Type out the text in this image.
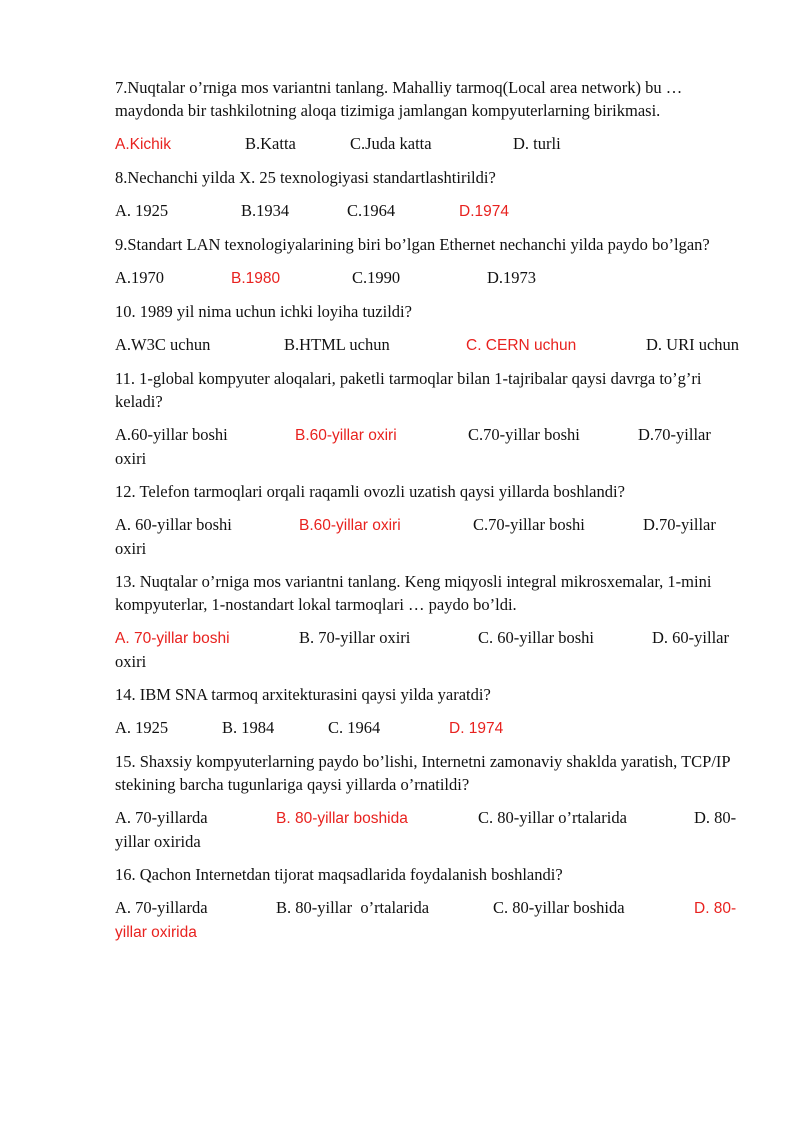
7.Nuqtalar o’rniga mos variantni tanlang. Mahalliy tarmoq(Local area network) bu … maydonda bir tashkilotning aloqa tizimiga jamlangan kompyuterlarning birikmasi.
A.Kichik	B.Katta	C.Juda katta	D. turli
8.Nechanchi yilda X. 25 texnologiyasi standartlashtirildi?
A. 1925	B.1934	C.1964	D.1974
9.Standart LAN texnologiyalarining biri bo’lgan Ethernet nechanchi yilda paydo bo’lgan?
A.1970	B.1980	C.1990	D.1973
10. 1989 yil nima uchun ichki loyiha tuzildi?
A.W3C uchun	B.HTML uchun	C. CERN uchun	D. URI uchun
11. 1-global kompyuter aloqalari, paketli tarmoqlar bilan 1-tajribalar qaysi davrga to’g’ri keladi?
A.60-yillar boshi	B.60-yillar oxiri	C.70-yillar boshi	D.70-yillar oxiri
12. Telefon tarmoqlari orqali raqamli ovozli uzatish qaysi yillarda boshlandi?
A. 60-yillar boshi	B.60-yillar oxiri	C.70-yillar boshi	D.70-yillar oxiri
13. Nuqtalar o’rniga mos variantni tanlang. Keng miqyosli integral mikrosxemalar, 1-mini kompyuterlar, 1-nostandart lokal tarmoqlari … paydo bo’ldi.
A. 70-yillar boshi	B. 70-yillar oxiri	C. 60-yillar boshi	D. 60-yillar oxiri
14. IBM SNA tarmoq arxitekturasini qaysi yilda yaratdi?
A. 1925	B. 1984	C. 1964	D. 1974
15. Shaxsiy kompyuterlarning paydo bo’lishi, Internetni zamonaviy shaklda yaratish, TCP/IP stekining barcha tugunlariga qaysi yillarda o’rnatildi?
A. 70-yillarda	B. 80-yillar boshida	C. 80-yillar o’rtalarida	D. 80-yillar oxirida
16. Qachon Internetdan tijorat maqsadlarida foydalanish boshlandi?
A. 70-yillarda	B. 80-yillar  o’rtalarida	C. 80-yillar boshida	D. 80-yillar oxirida
